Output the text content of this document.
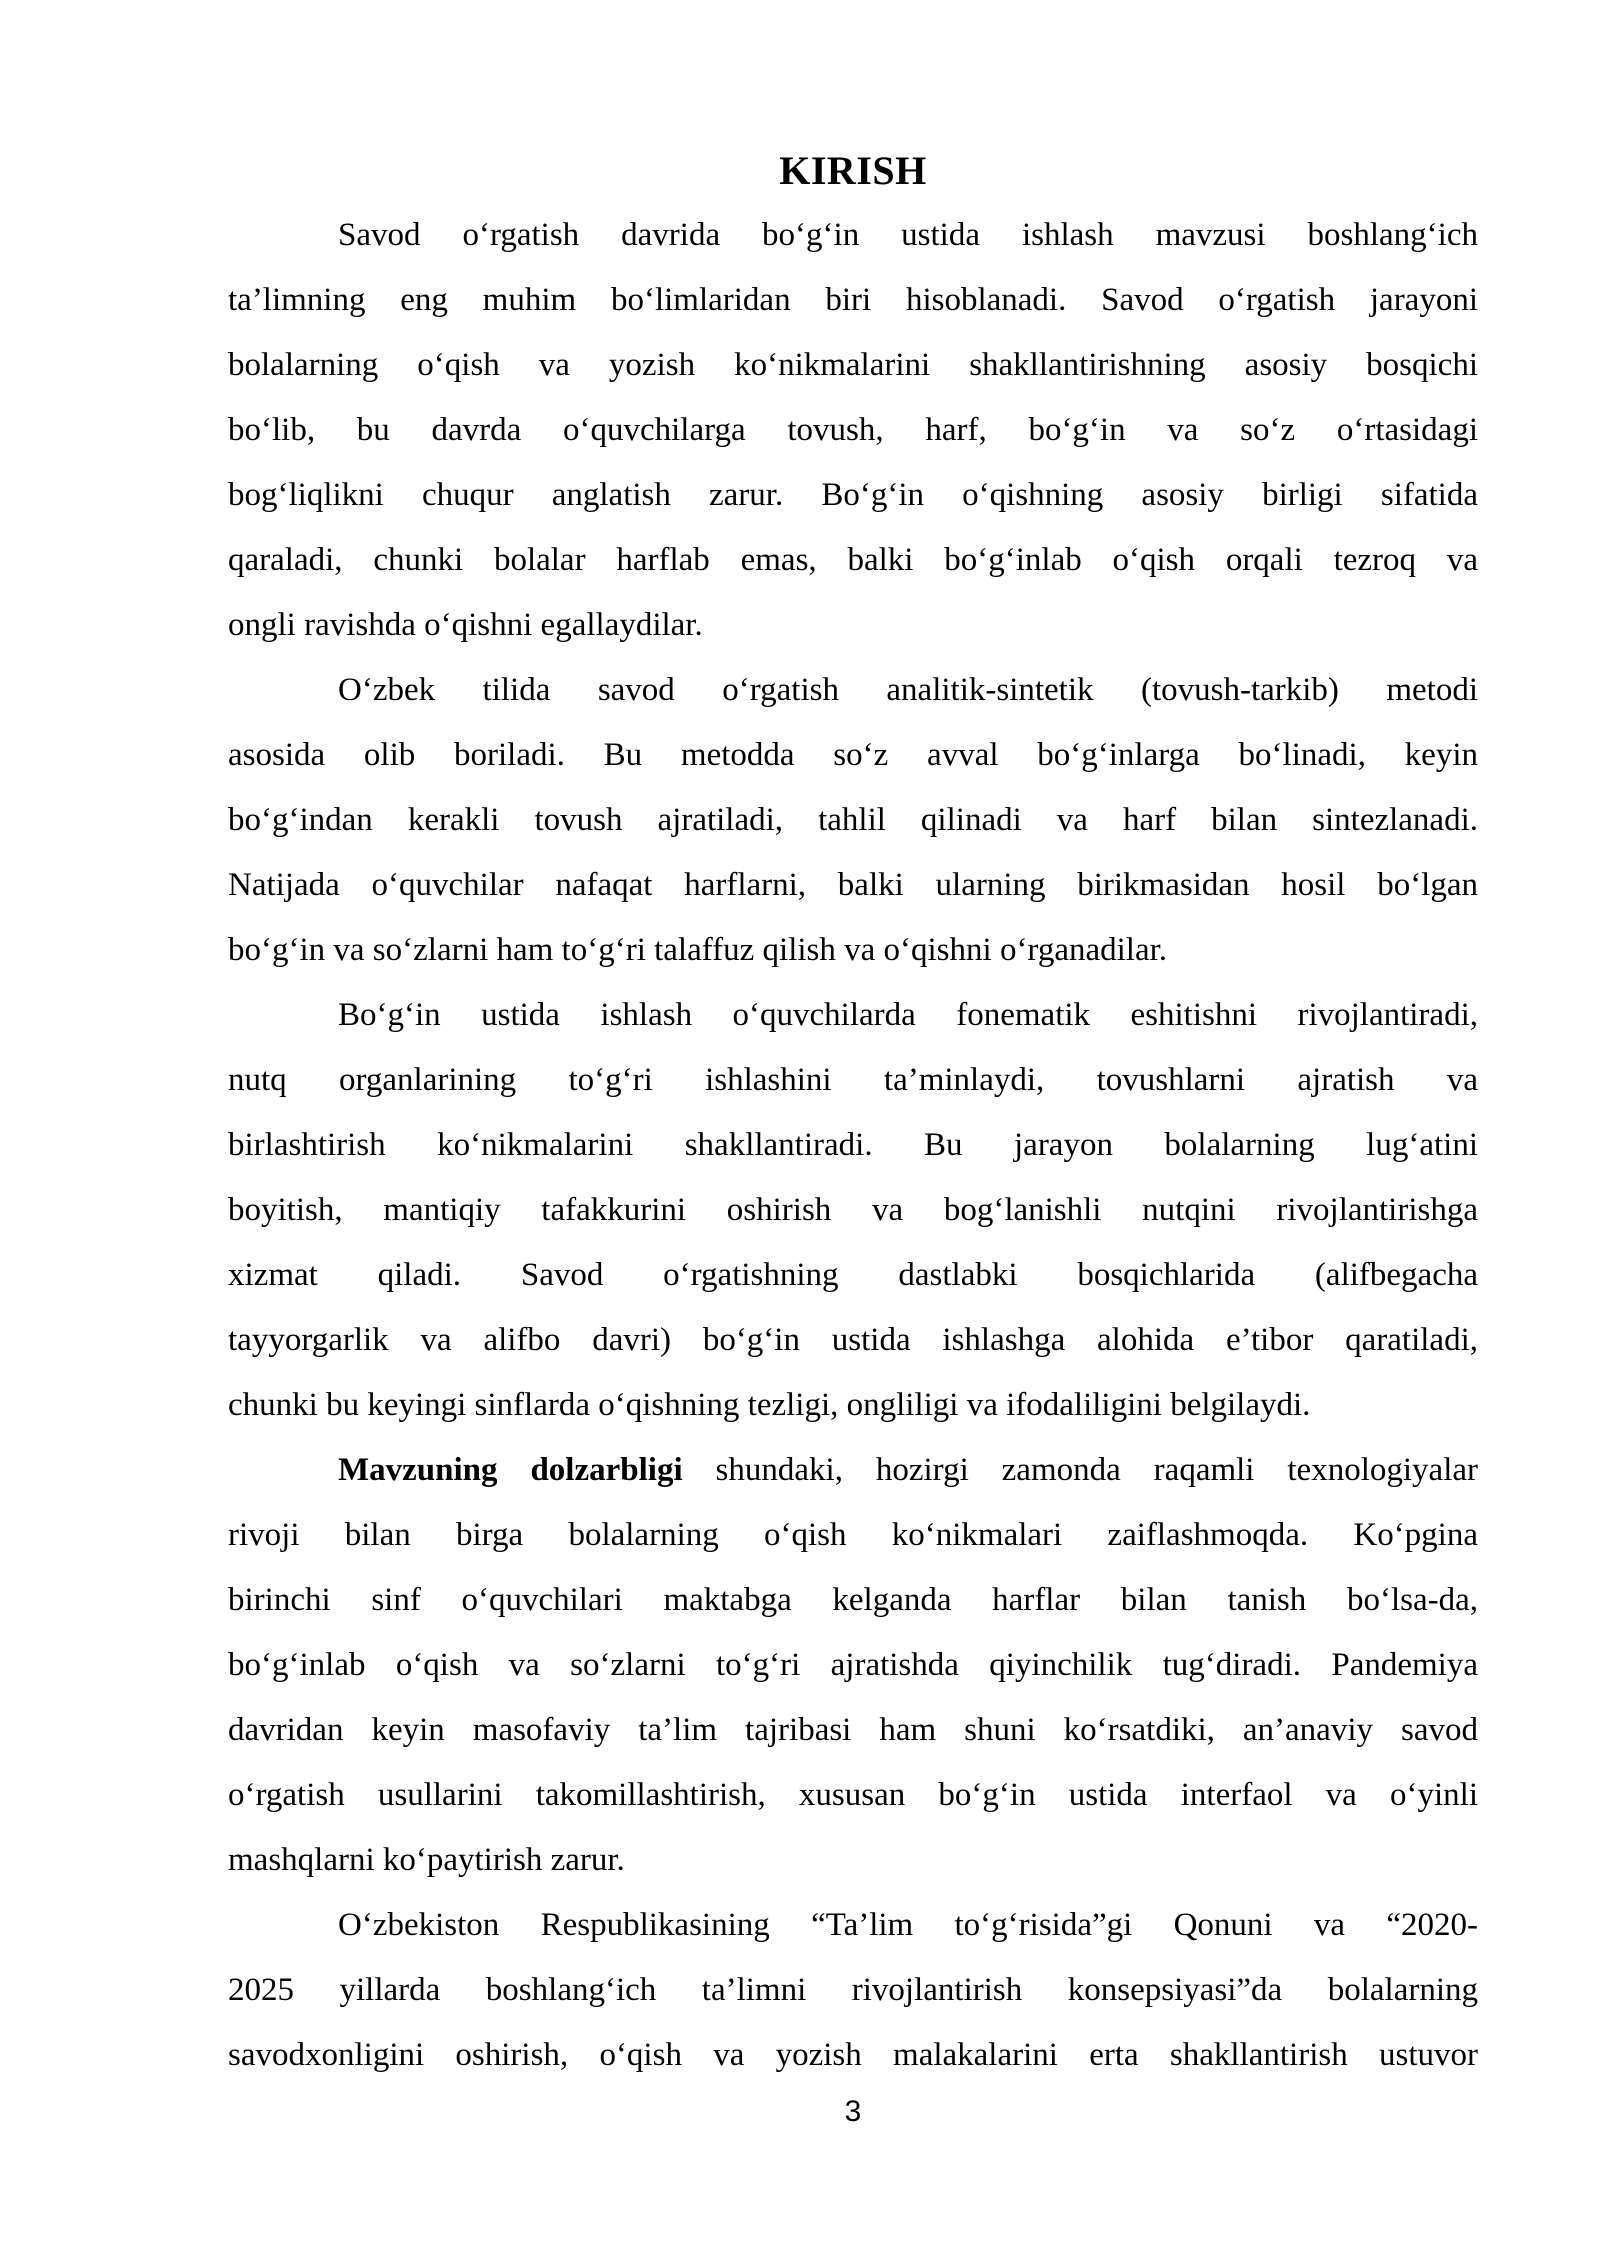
KIRISH
Savod oʻrgatish davrida boʻgʻin ustida ishlash mavzusi boshlangʻich
ta’limning eng muhim boʻlimlaridan biri hisoblanadi. Savod oʻrgatish jarayoni
bolalarning oʻqish va yozish koʻnikmalarini shakllantirishning asosiy bosqichi
boʻlib, bu davrda oʻquvchilarga tovush, harf, boʻgʻin va soʻz oʻrtasidagi
bogʻliqlikni chuqur anglatish zarur. Boʻgʻin oʻqishning asosiy birligi sifatida
qaraladi, chunki bolalar harflab emas, balki boʻgʻinlab oʻqish orqali tezroq va
ongli ravishda oʻqishni egallaydilar.
Oʻzbek tilida savod oʻrgatish analitik-sintetik (tovush-tarkib) metodi
asosida olib boriladi. Bu metodda soʻz avval boʻgʻinlarga boʻlinadi, keyin
boʻgʻindan kerakli tovush ajratiladi, tahlil qilinadi va harf bilan sintezlanadi.
Natijada oʻquvchilar nafaqat harflarni, balki ularning birikmasidan hosil boʻlgan
boʻgʻin va soʻzlarni ham toʻgʻri talaffuz qilish va oʻqishni oʻrganadilar.
Boʻgʻin ustida ishlash oʻquvchilarda fonematik eshitishni rivojlantiradi,
nutq organlarining toʻgʻri ishlashini ta’minlaydi, tovushlarni ajratish va
birlashtirish koʻnikmalarini shakllantiradi. Bu jarayon bolalarning lugʻatini
boyitish, mantiqiy tafakkurini oshirish va bogʻlanishli nutqini rivojlantirishga
xizmat qiladi. Savod oʻrgatishning dastlabki bosqichlarida (alifbegacha
tayyorgarlik va alifbo davri) boʻgʻin ustida ishlashga alohida e’tibor qaratiladi,
chunki bu keyingi sinflarda oʻqishning tezligi, ongliligi va ifodaliligini belgilaydi.
Mavzuning dolzarbligi shundaki, hozirgi zamonda raqamli texnologiyalar
rivoji bilan birga bolalarning oʻqish koʻnikmalari zaiflashmoqda. Koʻpgina
birinchi sinf oʻquvchilari maktabga kelganda harflar bilan tanish boʻlsa-da,
boʻgʻinlab oʻqish va soʻzlarni toʻgʻri ajratishda qiyinchilik tugʻdiradi. Pandemiya
davridan keyin masofaviy ta’lim tajribasi ham shuni koʻrsatdiki, an’anaviy savod
oʻrgatish usullarini takomillashtirish, xususan boʻgʻin ustida interfaol va oʻyinli
mashqlarni koʻpaytirish zarur.
Oʻzbekiston Respublikasining “Ta’lim toʻgʻrisida”gi Qonuni va “2020-
2025 yillarda boshlangʻich ta’limni rivojlantirish konsepsiyasi”da bolalarning
savodxonligini oshirish, oʻqish va yozish malakalarini erta shakllantirish ustuvor
3
